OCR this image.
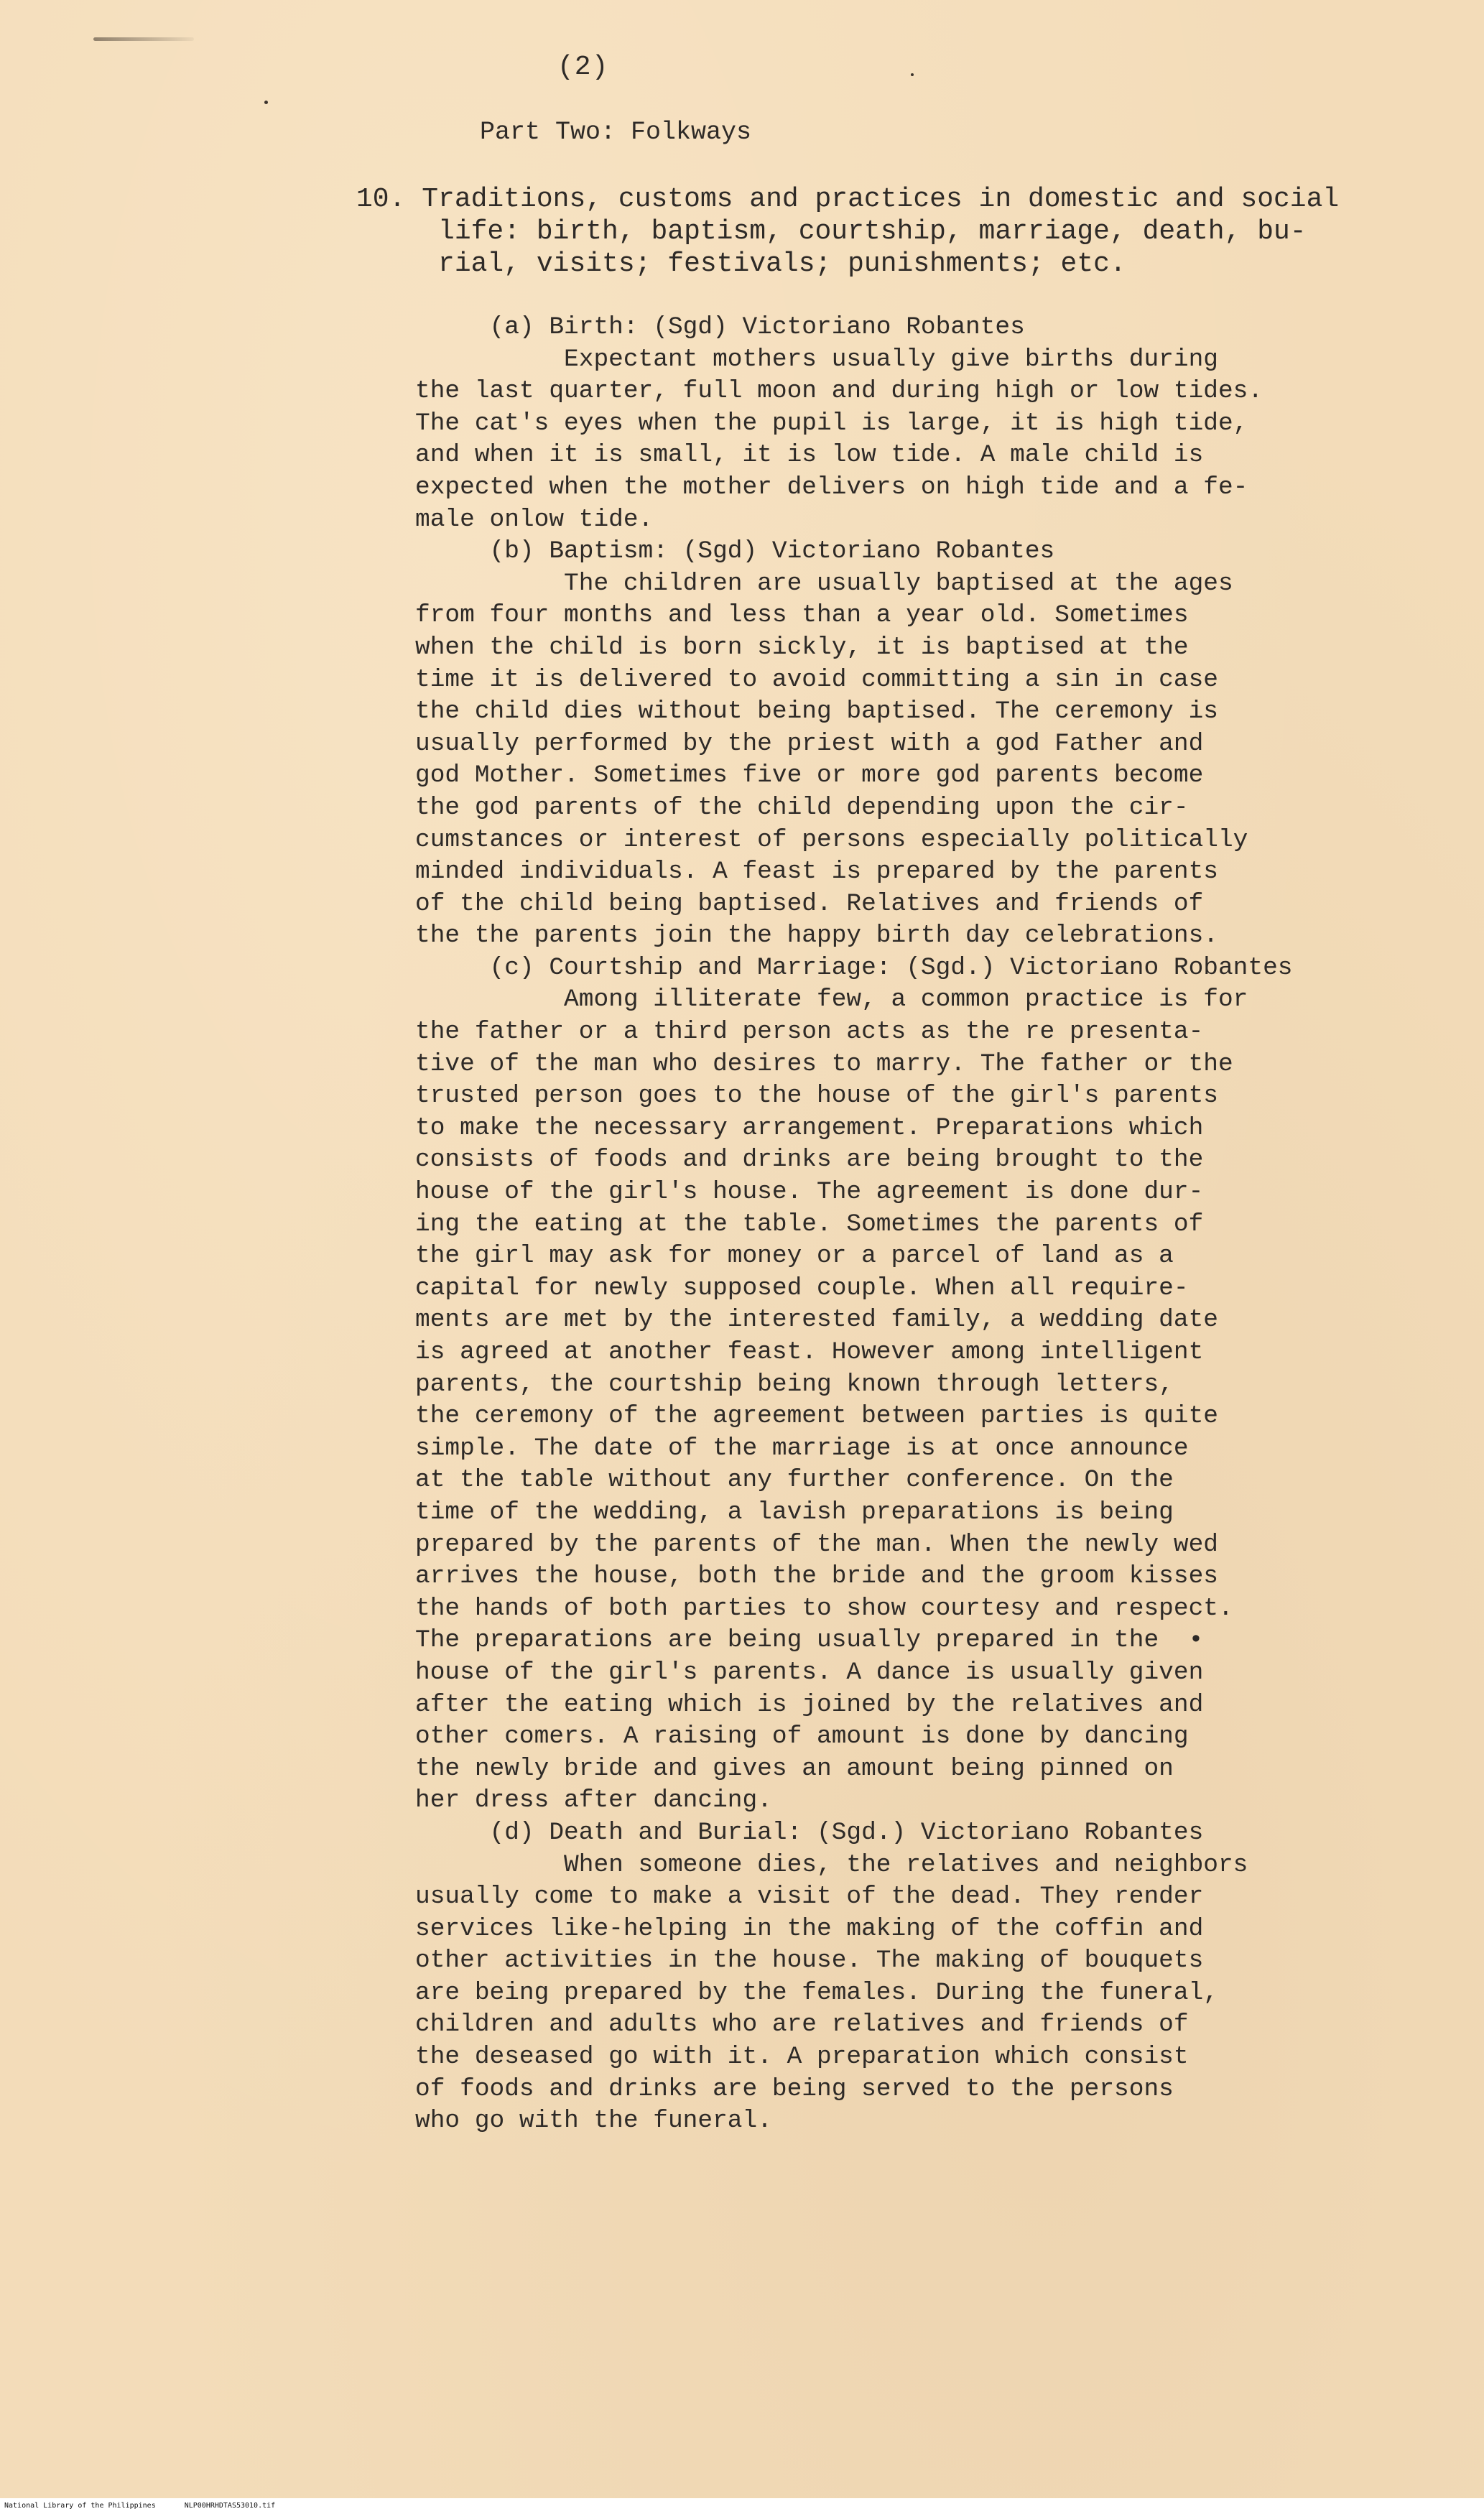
(2)
Part Two: Folkways
10. Traditions, customs and practices in domestic and social
life: birth, baptism, courtship, marriage, death, bu-
rial, visits; festivals; punishments; etc.
(a) Birth: (Sgd) Victoriano Robantes
Expectant mothers usually give births during
the last quarter, full moon and during high or low tides.
The cat's eyes when the pupil is large, it is high tide,
and when it is small, it is low tide. A male child is
expected when the mother delivers on high tide and a fe-
male onlow tide.
(b) Baptism: (Sgd) Victoriano Robantes
The children are usually baptised at the ages
from four months and less than a year old. Sometimes
when the child is born sickly, it is baptised at the
time it is delivered to avoid committing a sin in case
the child dies without being baptised. The ceremony is
usually performed by the priest with a god Father and
god Mother. Sometimes five or more god parents become
the god parents of the child depending upon the cir-
cumstances or interest of persons especially politically
minded individuals. A feast is prepared by the parents
of the child being baptised. Relatives and friends of
the the parents join the happy birth day celebrations.
(c) Courtship and Marriage: (Sgd.) Victoriano Robantes
Among illiterate few, a common practice is for
the father or a third person acts as the re presenta-
tive of the man who desires to marry. The father or the
trusted person goes to the house of the girl's parents
to make the necessary arrangement. Preparations which
consists of foods and drinks are being brought to the
house of the girl's house. The agreement is done dur-
ing the eating at the table. Sometimes the parents of
the girl may ask for money or a parcel of land as a
capital for newly supposed couple. When all require-
ments are met by the interested family, a wedding date
is agreed at another feast. However among intelligent
parents, the courtship being known through letters,
the ceremony of the agreement between parties is quite
simple. The date of the marriage is at once announce
at the table without any further conference. On the
time of the wedding, a lavish preparations is being
prepared by the parents of the man. When the newly wed
arrives the house, both the bride and the groom kisses
the hands of both parties to show courtesy and respect.
The preparations are being usually prepared in the  •
house of the girl's parents. A dance is usually given
after the eating which is joined by the relatives and
other comers. A raising of amount is done by dancing
the newly bride and gives an amount being pinned on
her dress after dancing.
(d) Death and Burial: (Sgd.) Victoriano Robantes
When someone dies, the relatives and neighbors
usually come to make a visit of the dead. They render
services like-helping in the making of the coffin and
other activities in the house. The making of bouquets
are being prepared by the females. During the funeral,
children and adults who are relatives and friends of
the deseased go with it. A preparation which consist
of foods and drinks are being served to the persons
who go with the funeral.
National Library of the Philippines	NLP00HRHDTAS53010.tif
